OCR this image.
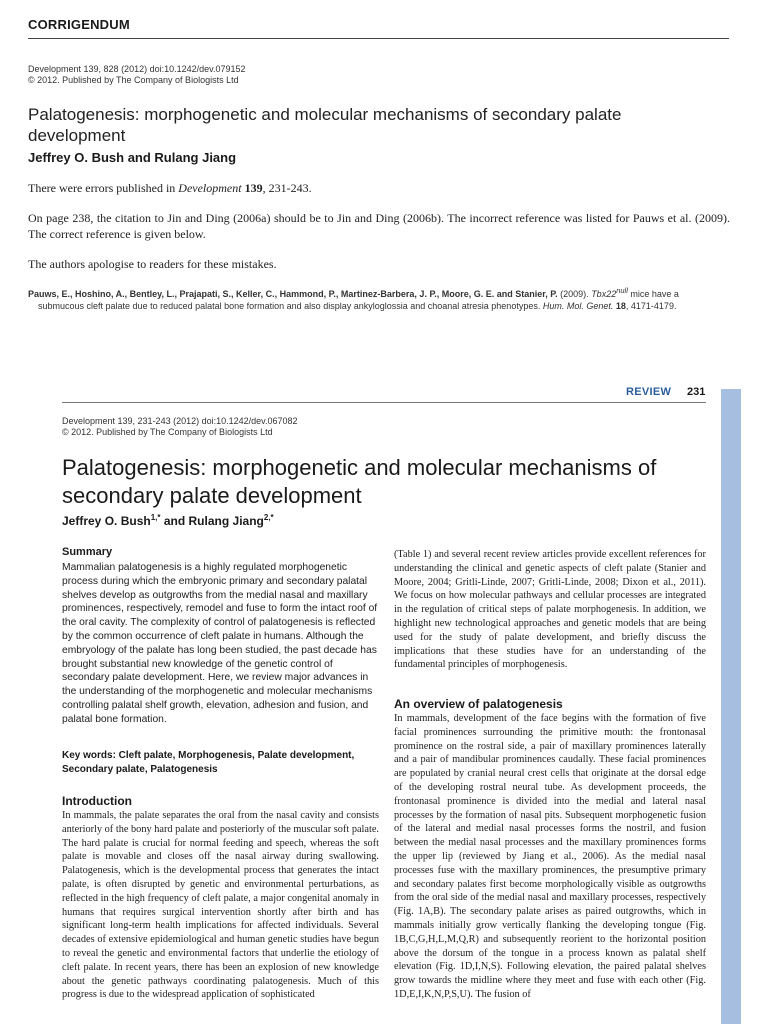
CORRIGENDUM
Development 139, 828 (2012) doi:10.1242/dev.079152
© 2012. Published by The Company of Biologists Ltd
Palatogenesis: morphogenetic and molecular mechanisms of secondary palate development
Jeffrey O. Bush and Rulang Jiang
There were errors published in Development 139, 231-243.
On page 238, the citation to Jin and Ding (2006a) should be to Jin and Ding (2006b). The incorrect reference was listed for Pauws et al. (2009). The correct reference is given below.
The authors apologise to readers for these mistakes.
Pauws, E., Hoshino, A., Bentley, L., Prajapati, S., Keller, C., Hammond, P., Martinez-Barbera, J. P., Moore, G. E. and Stanier, P. (2009). $Tbx22^{null}$ mice have a
submucous cleft palate due to reduced palatal bone formation and also display ankyloglossia and choanal atresia phenotypes. Hum. Mol. Genet. 18, 4171-4179.
REVIEW 231
Development 139, 231-243 (2012) doi:10.1242/dev.067082
© 2012. Published by The Company of Biologists Ltd
Palatogenesis: morphogenetic and molecular mechanisms of secondary palate development
Jeffrey O. Bush$^{1,*}$ and Rulang Jiang$^{2,*}$
Summary
Mammalian palatogenesis is a highly regulated morphogenetic process during which the embryonic primary and secondary palatal shelves develop as outgrowths from the medial nasal and maxillary prominences, respectively, remodel and fuse to form the intact roof of the oral cavity. The complexity of control of palatogenesis is reflected by the common occurrence of cleft palate in humans. Although the embryology of the palate has long been studied, the past decade has brought substantial new knowledge of the genetic control of secondary palate development. Here, we review major advances in the understanding of the morphogenetic and molecular mechanisms controlling palatal shelf growth, elevation, adhesion and fusion, and palatal bone formation.
Key words: Cleft palate, Morphogenesis, Palate development, Secondary palate, Palatogenesis
Introduction
In mammals, the palate separates the oral from the nasal cavity and consists anteriorly of the bony hard palate and posteriorly of the muscular soft palate. The hard palate is crucial for normal feeding and speech, whereas the soft palate is movable and closes off the nasal airway during swallowing. Palatogenesis, which is the developmental process that generates the intact palate, is often disrupted by genetic and environmental perturbations, as reflected in the high frequency of cleft palate, a major congenital anomaly in humans that requires surgical intervention shortly after birth and has significant long-term health implications for affected individuals. Several decades of extensive epidemiological and human genetic studies have begun to reveal the genetic and environmental factors that underlie the etiology of cleft palate. In recent years, there has been an explosion of new knowledge about the genetic pathways coordinating palatogenesis. Much of this progress is due to the widespread application of sophisticated
(Table 1) and several recent review articles provide excellent references for understanding the clinical and genetic aspects of cleft palate (Stanier and Moore, 2004; Gritli-Linde, 2007; Gritli-Linde, 2008; Dixon et al., 2011). We focus on how molecular pathways and cellular processes are integrated in the regulation of critical steps of palate morphogenesis. In addition, we highlight new technological approaches and genetic models that are being used for the study of palate development, and briefly discuss the implications that these studies have for an understanding of the fundamental principles of morphogenesis.
An overview of palatogenesis
In mammals, development of the face begins with the formation of five facial prominences surrounding the primitive mouth: the frontonasal prominence on the rostral side, a pair of maxillary prominences laterally and a pair of mandibular prominences caudally. These facial prominences are populated by cranial neural crest cells that originate at the dorsal edge of the developing rostral neural tube. As development proceeds, the frontonasal prominence is divided into the medial and lateral nasal processes by the formation of nasal pits. Subsequent morphogenetic fusion of the lateral and medial nasal processes forms the nostril, and fusion between the medial nasal processes and the maxillary prominences forms the upper lip (reviewed by Jiang et al., 2006). As the medial nasal processes fuse with the maxillary prominences, the presumptive primary and secondary palates first become morphologically visible as outgrowths from the oral side of the medial nasal and maxillary processes, respectively (Fig. 1A,B). The secondary palate arises as paired outgrowths, which in mammals initially grow vertically flanking the developing tongue (Fig. 1B,C,G,H,L,M,Q,R) and subsequently reorient to the horizontal position above the dorsum of the tongue in a process known as palatal shelf elevation (Fig. 1D,I,N,S). Following elevation, the paired palatal shelves grow towards the midline where they meet and fuse with each other (Fig. 1D,E,I,K,N,P,S,U). The fusion of
